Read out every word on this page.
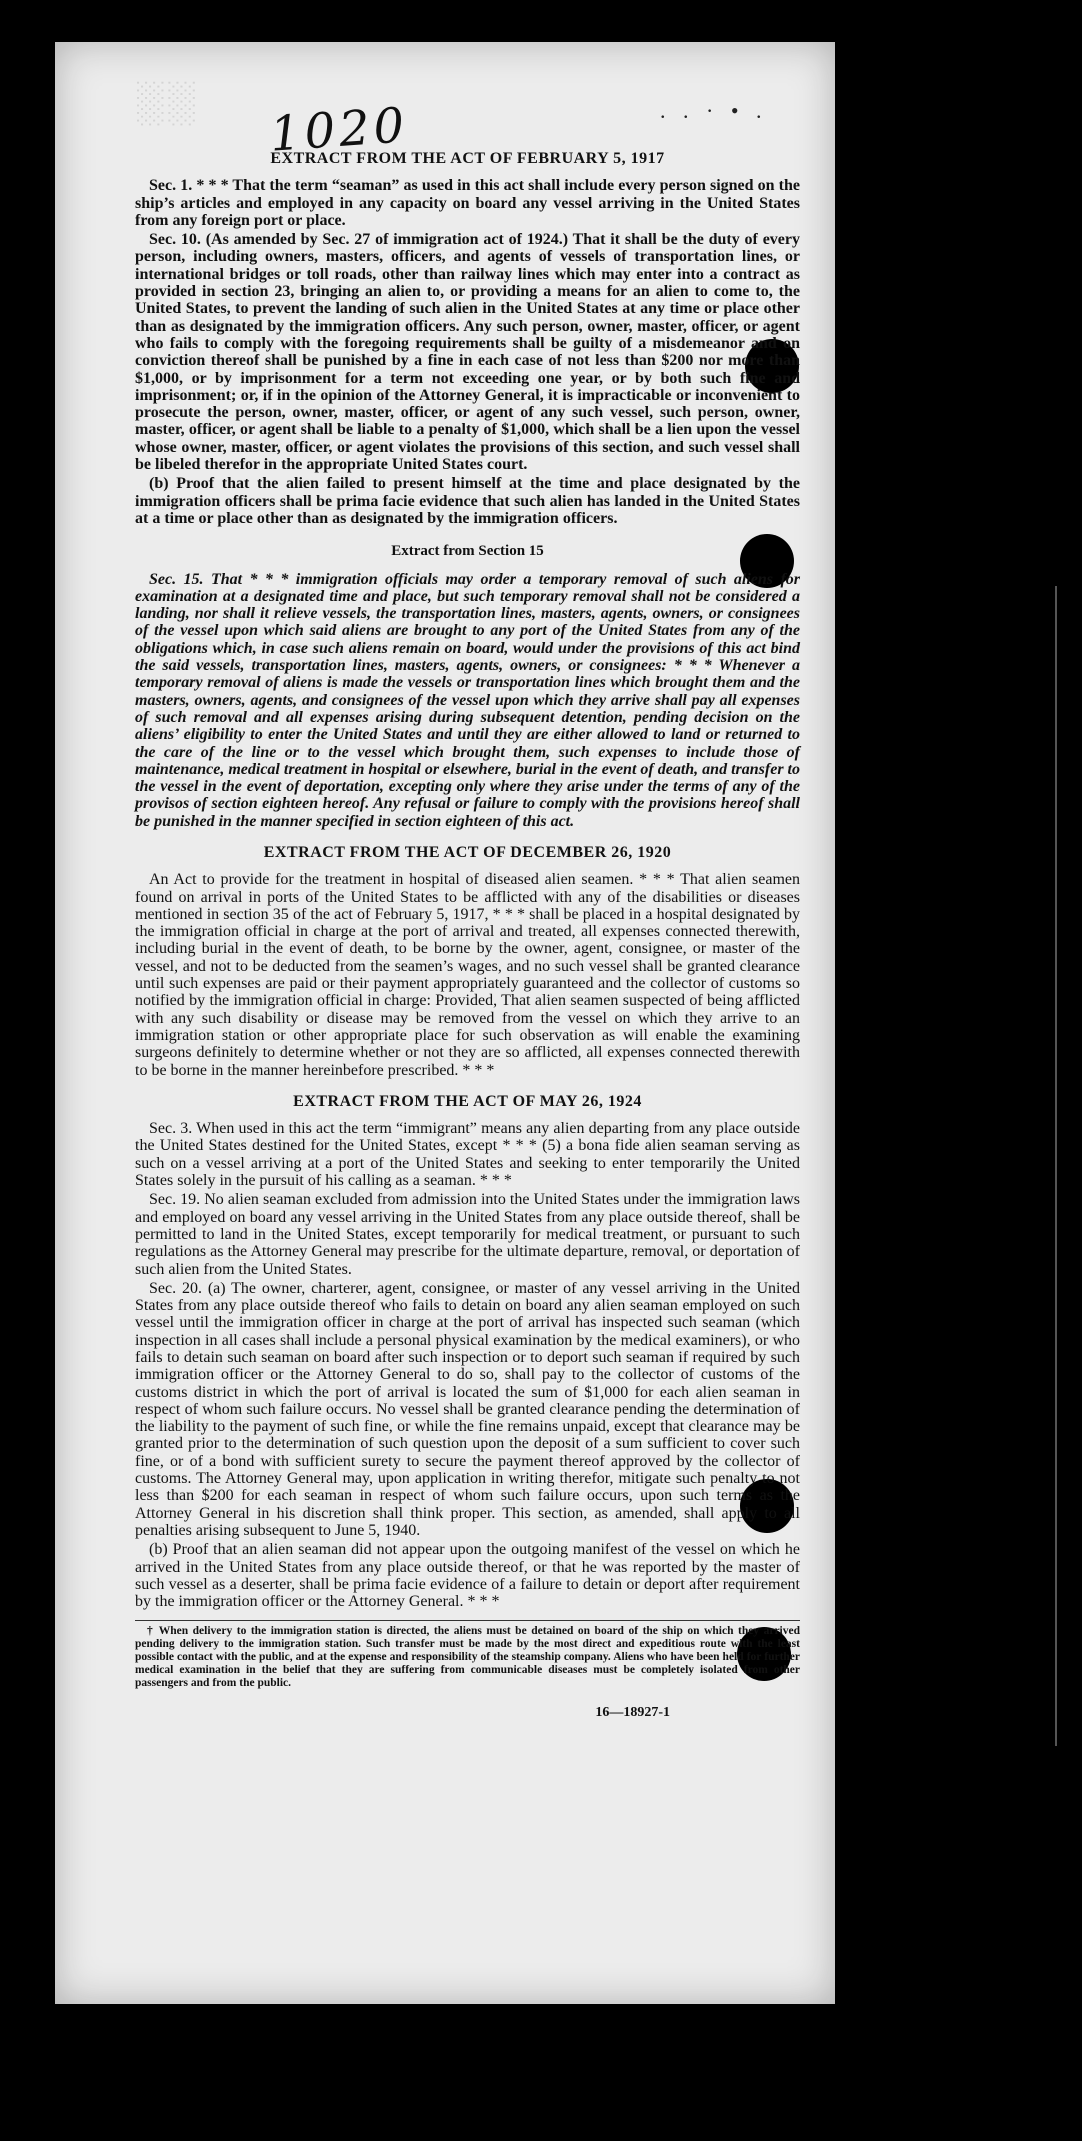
░░ 1020	. . · • .
EXTRACT FROM THE ACT OF FEBRUARY 5, 1917

Sec. 1. * * * That the term “seaman” as used in this act shall include every person signed on the ship’s articles and employed in any capacity on board any vessel arriving in the United States from any foreign port or place.

Sec. 10. (As amended by Sec. 27 of immigration act of 1924.) That it shall be the duty of every person, including owners, masters, officers, and agents of vessels of transportation lines, or international bridges or toll roads, other than railway lines which may enter into a contract as provided in section 23, bringing an alien to, or providing a means for an alien to come to, the United States, to prevent the landing of such alien in the United States at any time or place other than as designated by the immigration officers. Any such person, owner, master, officer, or agent who fails to comply with the foregoing requirements shall be guilty of a misdemeanor and on conviction thereof shall be punished by a fine in each case of not less than $200 nor more than $1,000, or by imprisonment for a term not exceeding one year, or by both such fine and imprisonment; or, if in the opinion of the Attorney General, it is impracticable or inconvenient to prosecute the person, owner, master, officer, or agent of any such vessel, such person, owner, master, officer, or agent shall be liable to a penalty of $1,000, which shall be a lien upon the vessel whose owner, master, officer, or agent violates the provisions of this section, and such vessel shall be libeled therefor in the appropriate United States court.

(b) Proof that the alien failed to present himself at the time and place designated by the immigration officers shall be prima facie evidence that such alien has landed in the United States at a time or place other than as designated by the immigration officers.

Extract from Section 15

Sec. 15. That * * * immigration officials may order a temporary removal of such aliens for examination at a designated time and place, but such temporary removal shall not be considered a landing, nor shall it relieve vessels, the transportation lines, masters, agents, owners, or consignees of the vessel upon which said aliens are brought to any port of the United States from any of the obligations which, in case such aliens remain on board, would under the provisions of this act bind the said vessels, transportation lines, masters, agents, owners, or consignees: * * * Whenever a temporary removal of aliens is made the vessels or transportation lines which brought them and the masters, owners, agents, and consignees of the vessel upon which they arrive shall pay all expenses of such removal and all expenses arising during subsequent detention, pending decision on the aliens’ eligibility to enter the United States and until they are either allowed to land or returned to the care of the line or to the vessel which brought them, such expenses to include those of maintenance, medical treatment in hospital or elsewhere, burial in the event of death, and transfer to the vessel in the event of deportation, excepting only where they arise under the terms of any of the provisos of section eighteen hereof. Any refusal or failure to comply with the provisions hereof shall be punished in the manner specified in section eighteen of this act.

EXTRACT FROM THE ACT OF DECEMBER 26, 1920

An Act to provide for the treatment in hospital of diseased alien seamen. * * * That alien seamen found on arrival in ports of the United States to be afflicted with any of the disabilities or diseases mentioned in section 35 of the act of February 5, 1917, * * * shall be placed in a hospital designated by the immigration official in charge at the port of arrival and treated, all expenses connected therewith, including burial in the event of death, to be borne by the owner, agent, consignee, or master of the vessel, and not to be deducted from the seamen’s wages, and no such vessel shall be granted clearance until such expenses are paid or their payment appropriately guaranteed and the collector of customs so notified by the immigration official in charge: Provided, That alien seamen suspected of being afflicted with any such disability or disease may be removed from the vessel on which they arrive to an immigration station or other appropriate place for such observation as will enable the examining surgeons definitely to determine whether or not they are so afflicted, all expenses connected therewith to be borne in the manner hereinbefore prescribed. * * *

EXTRACT FROM THE ACT OF MAY 26, 1924

Sec. 3. When used in this act the term “immigrant” means any alien departing from any place outside the United States destined for the United States, except * * * (5) a bona fide alien seaman serving as such on a vessel arriving at a port of the United States and seeking to enter temporarily the United States solely in the pursuit of his calling as a seaman. * * *

Sec. 19. No alien seaman excluded from admission into the United States under the immigration laws and employed on board any vessel arriving in the United States from any place outside thereof, shall be permitted to land in the United States, except temporarily for medical treatment, or pursuant to such regulations as the Attorney General may prescribe for the ultimate departure, removal, or deportation of such alien from the United States.

Sec. 20. (a) The owner, charterer, agent, consignee, or master of any vessel arriving in the United States from any place outside thereof who fails to detain on board any alien seaman employed on such vessel until the immigration officer in charge at the port of arrival has inspected such seaman (which inspection in all cases shall include a personal physical examination by the medical examiners), or who fails to detain such seaman on board after such inspection or to deport such seaman if required by such immigration officer or the Attorney General to do so, shall pay to the collector of customs of the customs district in which the port of arrival is located the sum of $1,000 for each alien seaman in respect of whom such failure occurs. No vessel shall be granted clearance pending the determination of the liability to the payment of such fine, or while the fine remains unpaid, except that clearance may be granted prior to the determination of such question upon the deposit of a sum sufficient to cover such fine, or of a bond with sufficient surety to secure the payment thereof approved by the collector of customs. The Attorney General may, upon application in writing therefor, mitigate such penalty to not less than $200 for each seaman in respect of whom such failure occurs, upon such terms as the Attorney General in his discretion shall think proper. This section, as amended, shall apply to all penalties arising subsequent to June 5, 1940.

(b) Proof that an alien seaman did not appear upon the outgoing manifest of the vessel on which he arrived in the United States from any place outside thereof, or that he was reported by the master of such vessel as a deserter, shall be prima facie evidence of a failure to detain or deport after requirement by the immigration officer or the Attorney General. * * *

† When delivery to the immigration station is directed, the aliens must be detained on board of the ship on which they arrived pending delivery to the immigration station. Such transfer must be made by the most direct and expeditious route with the least possible contact with the public, and at the expense and responsibility of the steamship company. Aliens who have been held for further medical examination in the belief that they are suffering from communicable diseases must be completely isolated from other passengers and from the public.

16—18927-1
